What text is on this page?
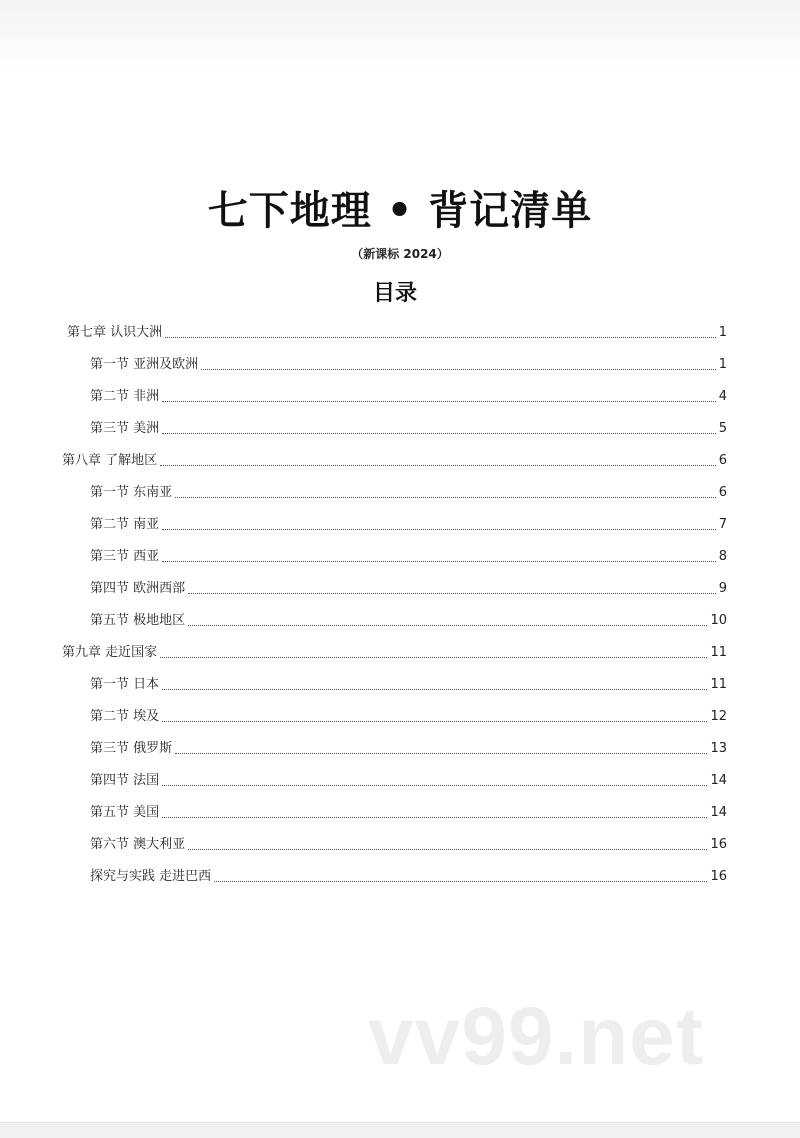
七下地理 • 背记清单
（新课标 2024）
目录
第七章 认识大洲	1
第一节 亚洲及欧洲	1
第二节 非洲	4
第三节 美洲	5
第八章 了解地区	6
第一节 东南亚	6
第二节 南亚	7
第三节 西亚	8
第四节 欧洲西部	9
第五节 极地地区	10
第九章 走近国家	11
第一节 日本	11
第二节 埃及	12
第三节 俄罗斯	13
第四节 法国	14
第五节 美国	14
第六节 澳大利亚	16
探究与实践 走进巴西	16
vv99.net
